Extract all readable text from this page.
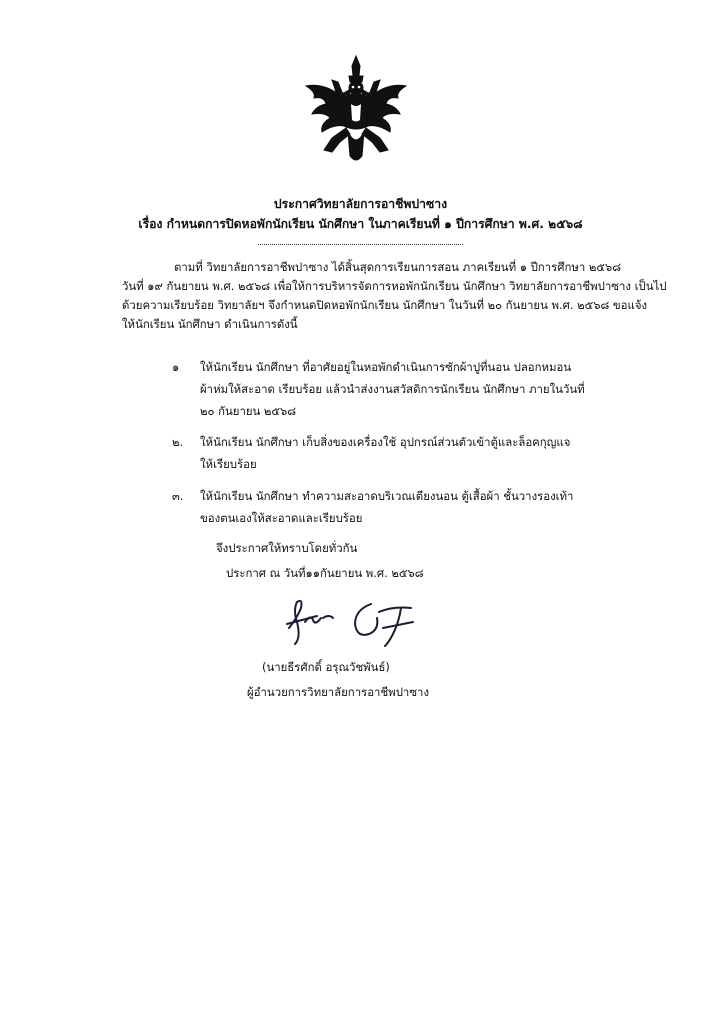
ประกาศวิทยาลัยการอาชีพปาซาง
เรื่อง กำหนดการปิดหอพักนักเรียน นักศึกษา ในภาคเรียนที่ ๑ ปีการศึกษา พ.ศ. ๒๕๖๘
ตามที่ วิทยาลัยการอาชีพปาซาง ได้สิ้นสุดการเรียนการสอน ภาคเรียนที่ ๑ ปีการศึกษา ๒๕๖๘
วันที่ ๑๙ กันยายน พ.ศ. ๒๕๖๘ เพื่อให้การบริหารจัดการหอพักนักเรียน นักศึกษา วิทยาลัยการอาชีพปาซาง เป็นไป
ด้วยความเรียบร้อย วิทยาลัยฯ จึงกำหนดปิดหอพักนักเรียน นักศึกษา ในวันที่ ๒๐ กันยายน พ.ศ. ๒๕๖๘ ขอแจ้ง
ให้นักเรียน นักศึกษา ดำเนินการดังนี้
๑ ให้นักเรียน นักศึกษา ที่อาศัยอยู่ในหอพักดำเนินการซักผ้าปูที่นอน ปลอกหมอน
ผ้าห่มให้สะอาด เรียบร้อย แล้วนำส่งงานสวัสดิการนักเรียน นักศึกษา ภายในวันที่
๒๐ กันยายน ๒๕๖๘
๒. ให้นักเรียน นักศึกษา เก็บสิ่งของเครื่องใช้ อุปกรณ์ส่วนตัวเข้าตู้และล็อคกุญแจ
ให้เรียบร้อย
๓. ให้นักเรียน นักศึกษา ทำความสะอาดบริเวณเตียงนอน ตู้เสื้อผ้า ชั้นวางรองเท้า
ของตนเองให้สะอาดและเรียบร้อย
จึงประกาศให้ทราบโดยทั่วกัน
ประกาศ ณ วันที่๑๑กันยายน พ.ศ. ๒๕๖๘
(นายธีรศักดิ์ อรุณวัชพันธ์)
ผู้อำนวยการวิทยาลัยการอาชีพปาซาง
